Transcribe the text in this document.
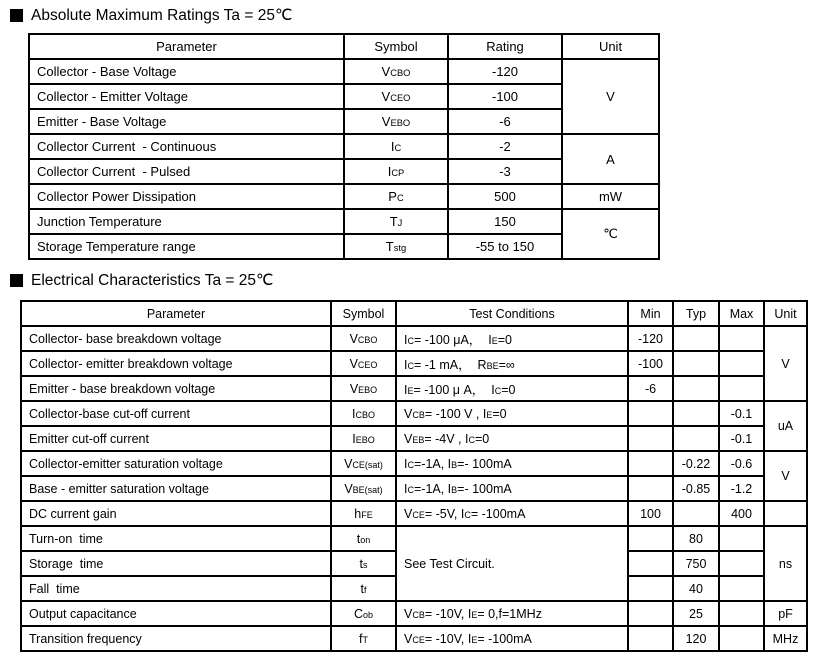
Absolute Maximum Ratings Ta = 25℃
Parameter	Symbol	Rating	Unit
Collector - Base Voltage	VCBO	-120	V
Collector - Emitter Voltage	VCEO	-100	
Emitter - Base Voltage	VEBO	-6	
Collector Current  - Continuous	IC	-2	A
Collector Current  - Pulsed	ICP	-3	
Collector Power Dissipation	PC	500	mW
Junction Temperature	TJ	150	℃
Storage Temperature range	Tstg	-55 to 150	
Electrical Characteristics Ta = 25℃
Parameter	Symbol	Test Conditions	Min	Typ	Max	Unit
Collector- base breakdown voltage	VCBO	IC= -100 μA，  IE=0	-120			V
Collector- emitter breakdown voltage	VCEO	IC= -1 mA，  RBE=∞	-100			
Emitter - base breakdown voltage	VEBO	IE= -100 μ A，  IC=0	-6			
Collector-base cut-off current	ICBO	VCB= -100 V , IE=0			-0.1	uA
Emitter cut-off current	IEBO	VEB= -4V , IC=0			-0.1	
Collector-emitter saturation voltage	VCE(sat)	IC=-1A, IB=- 100mA		-0.22	-0.6	V
Base - emitter saturation voltage	VBE(sat)	IC=-1A, IB=- 100mA		-0.85	-1.2	
DC current gain	hFE	VCE= -5V, IC= -100mA	100		400	
Turn-on  time	ton	See Test Circuit.		80		ns
Storage  time	ts			750		
Fall  time	tf			40		
Output capacitance	Cob	VCB= -10V, IE= 0,f=1MHz		25		pF
Transition frequency	fT	VCE= -10V, IE= -100mA		120		MHz
